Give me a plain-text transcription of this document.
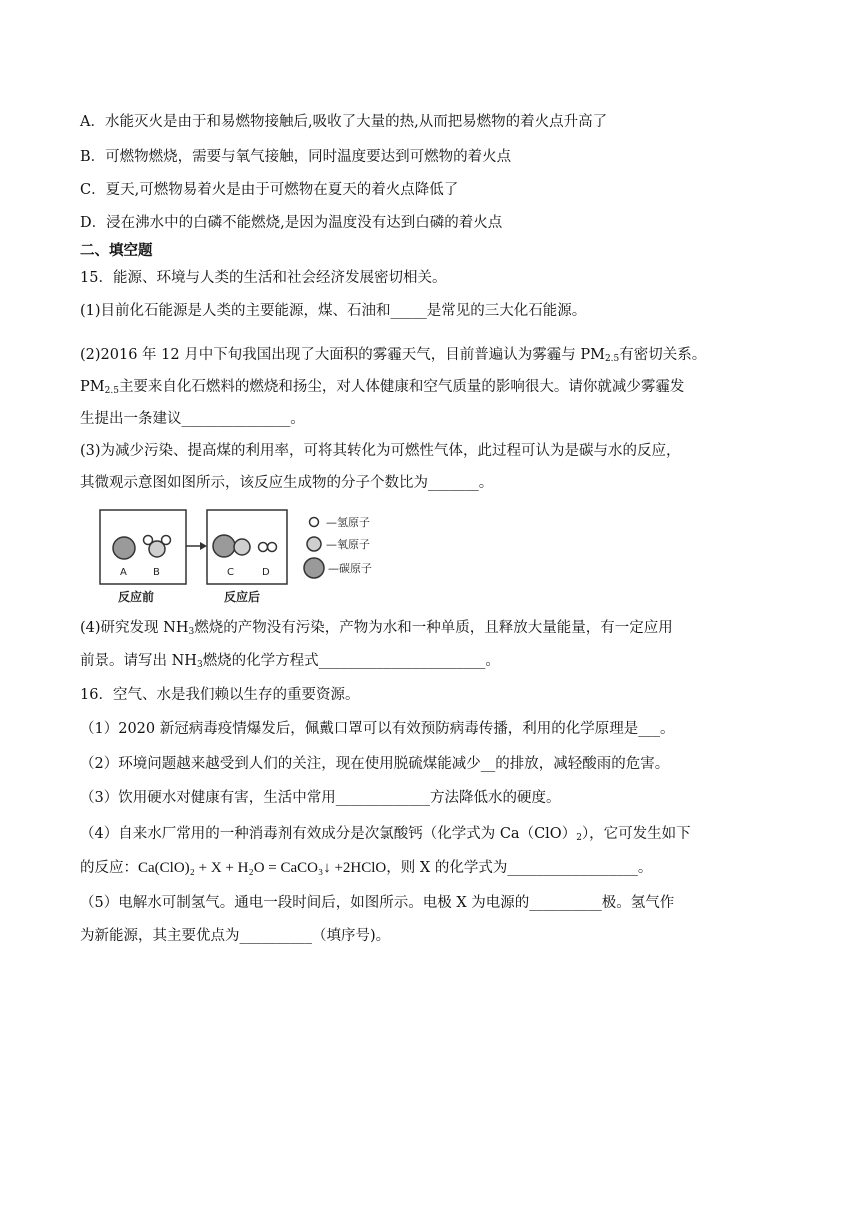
A．水能灭火是由于和易燃物接触后,吸收了大量的热,从而把易燃物的着火点升高了
B．可燃物燃烧，需要与氧气接触，同时温度要达到可燃物的着火点
C．夏天,可燃物易着火是由于可燃物在夏天的着火点降低了
D．浸在沸水中的白磷不能燃烧,是因为温度没有达到白磷的着火点
二、填空题
15．能源、环境与人类的生活和社会经济发展密切相关。
(1)目前化石能源是人类的主要能源，煤、石油和_____是常见的三大化石能源。
(2)2016 年 12 月中下旬我国出现了大面积的雾霾天气，目前普遍认为雾霾与 $PM_{2.5}$有密切关系。
$PM_{2.5}$主要来自化石燃料的燃烧和扬尘，对人体健康和空气质量的影响很大。请你就减少雾霾发
生提出一条建议_______________。
(3)为减少污染、提高煤的利用率，可将其转化为可燃性气体，此过程可认为是碳与水的反应，
其微观示意图如图所示，该反应生成物的分子个数比为_______。
A	B	C	D
反应前	反应后
—氢原子
—氧原子
—碳原子
(4)研究发现 $NH_3$燃烧的产物没有污染，产物为水和一种单质，且释放大量能量，有一定应用
前景。请写出 $NH_3$燃烧的化学方程式_______________________。
16．空气、水是我们赖以生存的重要资源。
（1）2020 新冠病毒疫情爆发后，佩戴口罩可以有效预防病毒传播，利用的化学原理是___。
（2）环境问题越来越受到人们的关注，现在使用脱硫煤能减少__的排放，减轻酸雨的危害。
（3）饮用硬水对健康有害，生活中常用_____________方法降低水的硬度。
（4）自来水厂常用的一种消毒剂有效成分是次氯酸钙（化学式为 $Ca(ClO)_2$），它可发生如下
的反应：Ca(ClO)₂ + X + H₂O = CaCO₃↓ +2HClO，则 X 的化学式为__________________。
（5）电解水可制氢气。通电一段时间后，如图所示。电极 X 为电源的__________极。氢气作
为新能源，其主要优点为__________（填序号)。
